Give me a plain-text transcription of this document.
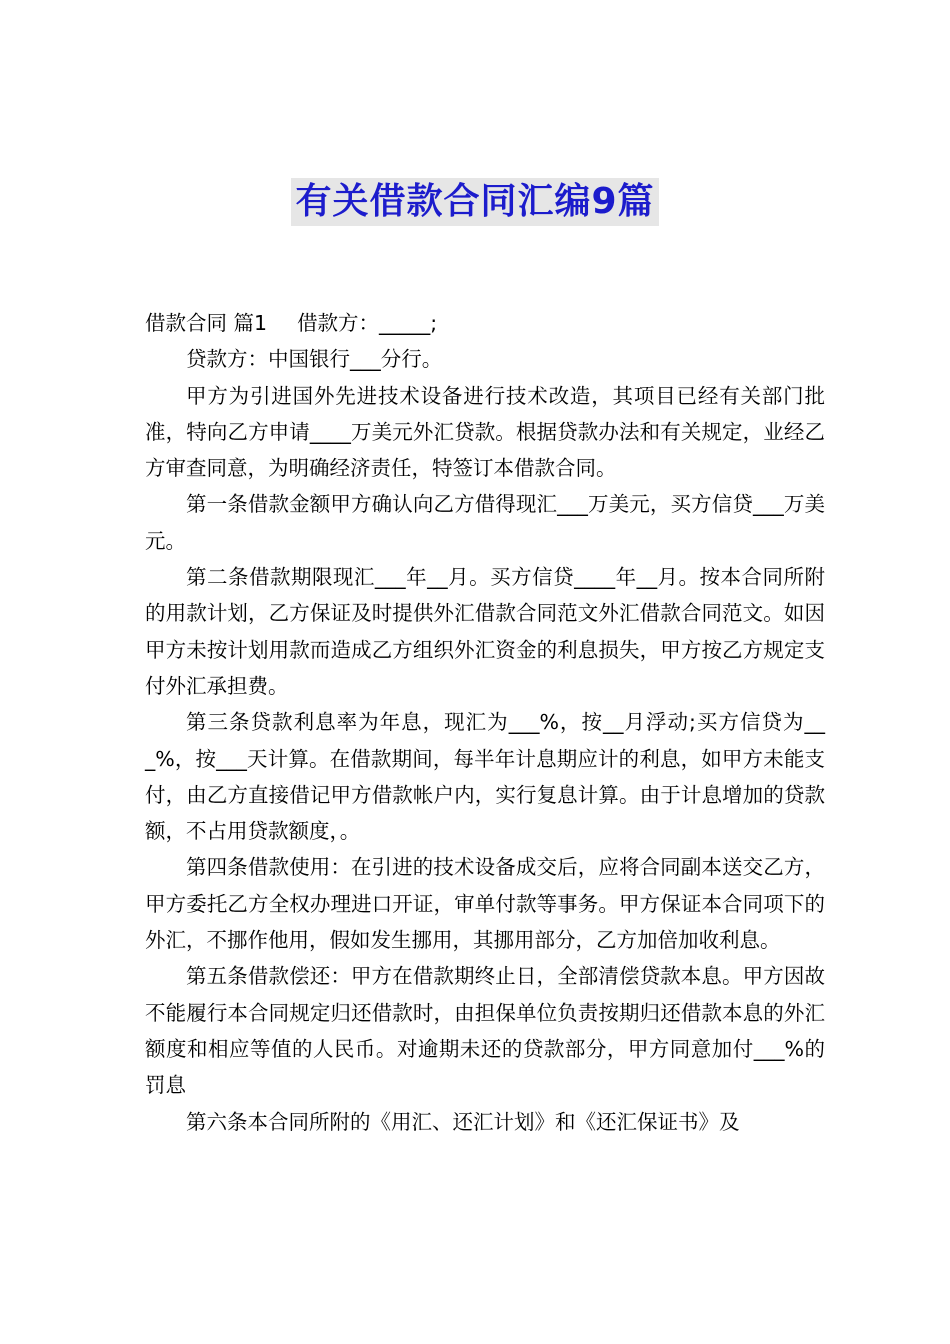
有关借款合同汇编9篇

借款合同 篇1 借款方：_____;

贷款方：中国银行___分行。

甲方为引进国外先进技术设备进行技术改造，其项目已经有关部门批准，特向乙方申请____万美元外汇贷款。根据贷款办法和有关规定，业经乙方审查同意，为明确经济责任，特签订本借款合同。

第一条借款金额甲方确认向乙方借得现汇___万美元，买方信贷___万美元。

第二条借款期限现汇___年__月。买方信贷____年__月。按本合同所附的用款计划，乙方保证及时提供外汇借款合同范文外汇借款合同范文。如因甲方未按计划用款而造成乙方组织外汇资金的利息损失，甲方按乙方规定支付外汇承担费。

第三条贷款利息率为年息，现汇为___%，按__月浮动;买方信贷为___%，按___天计算。在借款期间，每半年计息期应计的利息，如甲方未能支付，由乙方直接借记甲方借款帐户内，实行复息计算。由于计息增加的贷款额，不占用贷款额度，。

第四条借款使用：在引进的技术设备成交后，应将合同副本送交乙方，甲方委托乙方全权办理进口开证，审单付款等事务。甲方保证本合同项下的外汇，不挪作他用，假如发生挪用，其挪用部分，乙方加倍加收利息。

第五条借款偿还：甲方在借款期终止日，全部清偿贷款本息。甲方因故不能履行本合同规定归还借款时，由担保单位负责按期归还借款本息的外汇额度和相应等值的人民币。对逾期未还的贷款部分，甲方同意加付___%的罚息

第六条本合同所附的《用汇、还汇计划》和《还汇保证书》及
